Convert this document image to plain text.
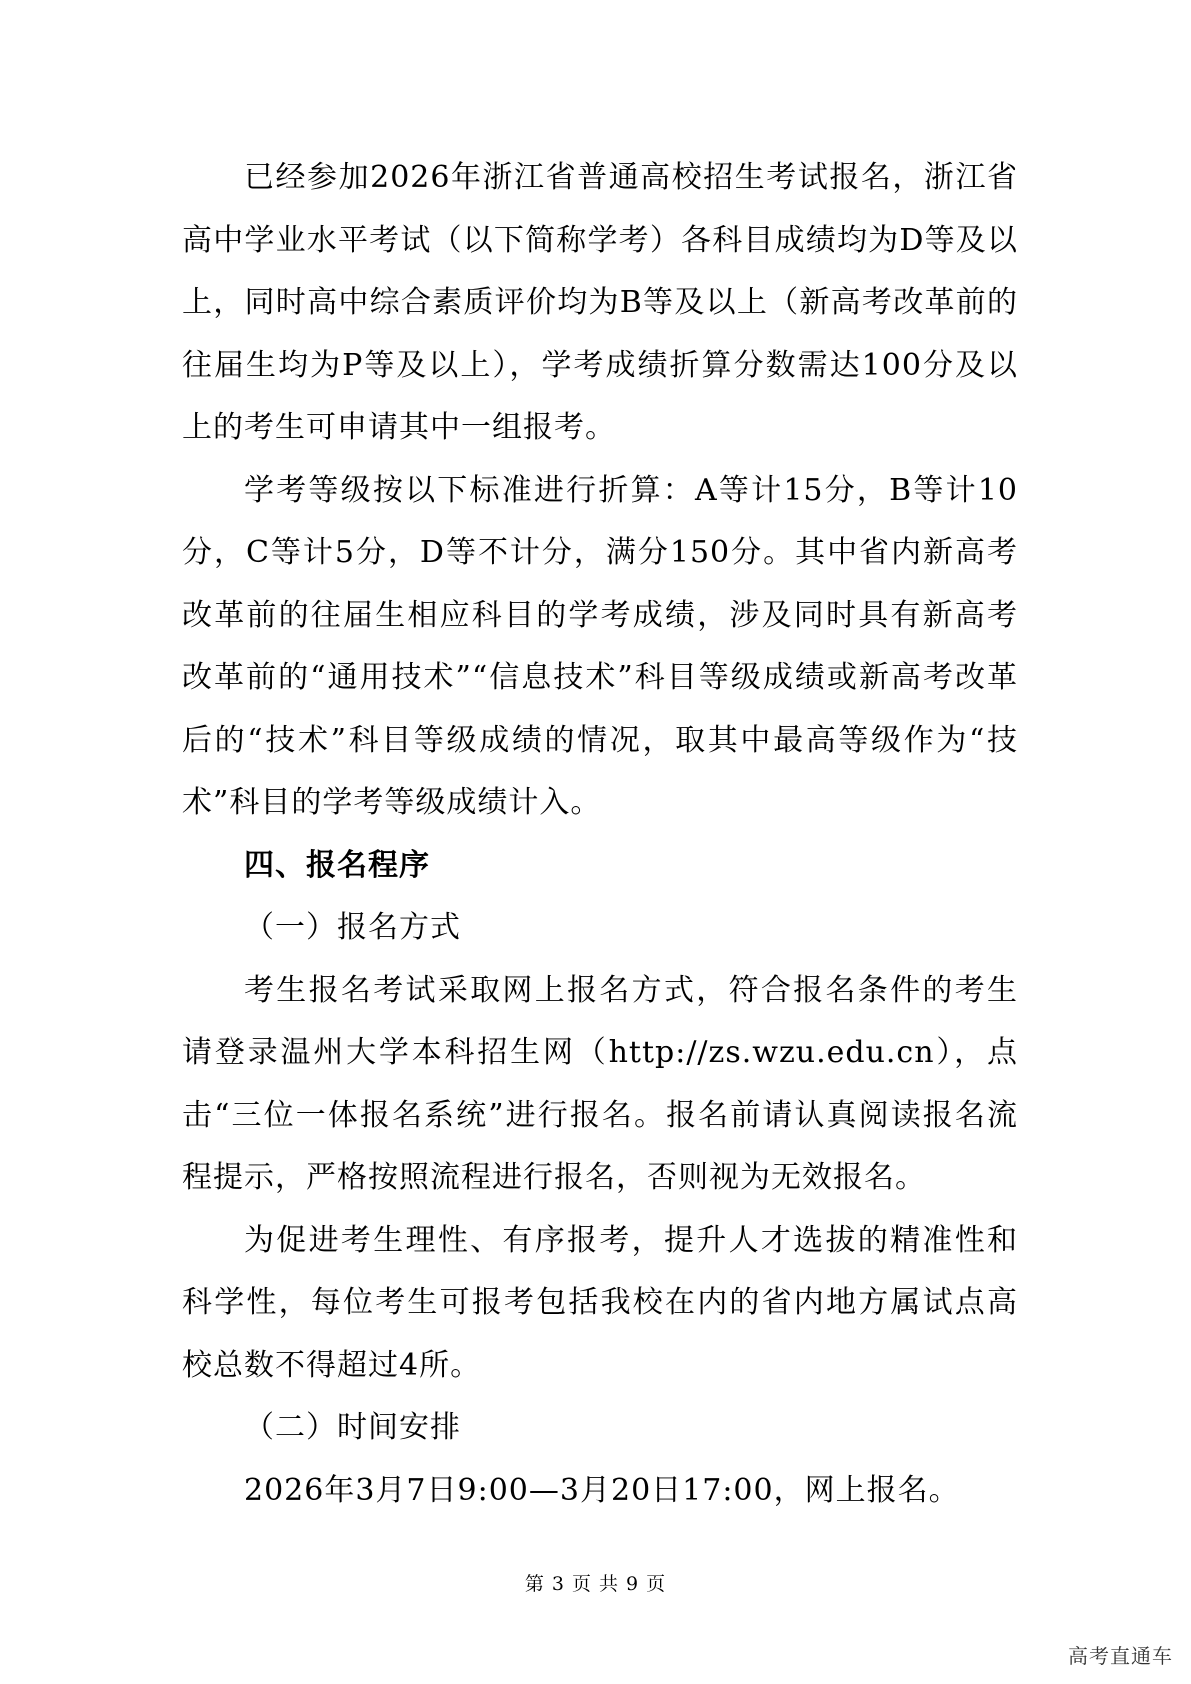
已经参加2026年浙江省普通高校招生考试报名，浙江省高中学业水平考试（以下简称学考）各科目成绩均为D等及以上，同时高中综合素质评价均为B等及以上（新高考改革前的往届生均为P等及以上），学考成绩折算分数需达100分及以上的考生可申请其中一组报考。

学考等级按以下标准进行折算：A等计15分，B等计10分，C等计5分，D等不计分，满分150分。其中省内新高考改革前的往届生相应科目的学考成绩，涉及同时具有新高考改革前的“通用技术”“信息技术”科目等级成绩或新高考改革后的“技术”科目等级成绩的情况，取其中最高等级作为“技术”科目的学考等级成绩计入。

四、报名程序

（一）报名方式

考生报名考试采取网上报名方式，符合报名条件的考生请登录温州大学本科招生网（http://zs.wzu.edu.cn），点击“三位一体报名系统”进行报名。报名前请认真阅读报名流程提示，严格按照流程进行报名，否则视为无效报名。

为促进考生理性、有序报考，提升人才选拔的精准性和科学性，每位考生可报考包括我校在内的省内地方属试点高校总数不得超过4所。

（二）时间安排

2026年3月7日9:00—3月20日17:00，网上报名。

第 3 页 共 9 页
高考直通车
